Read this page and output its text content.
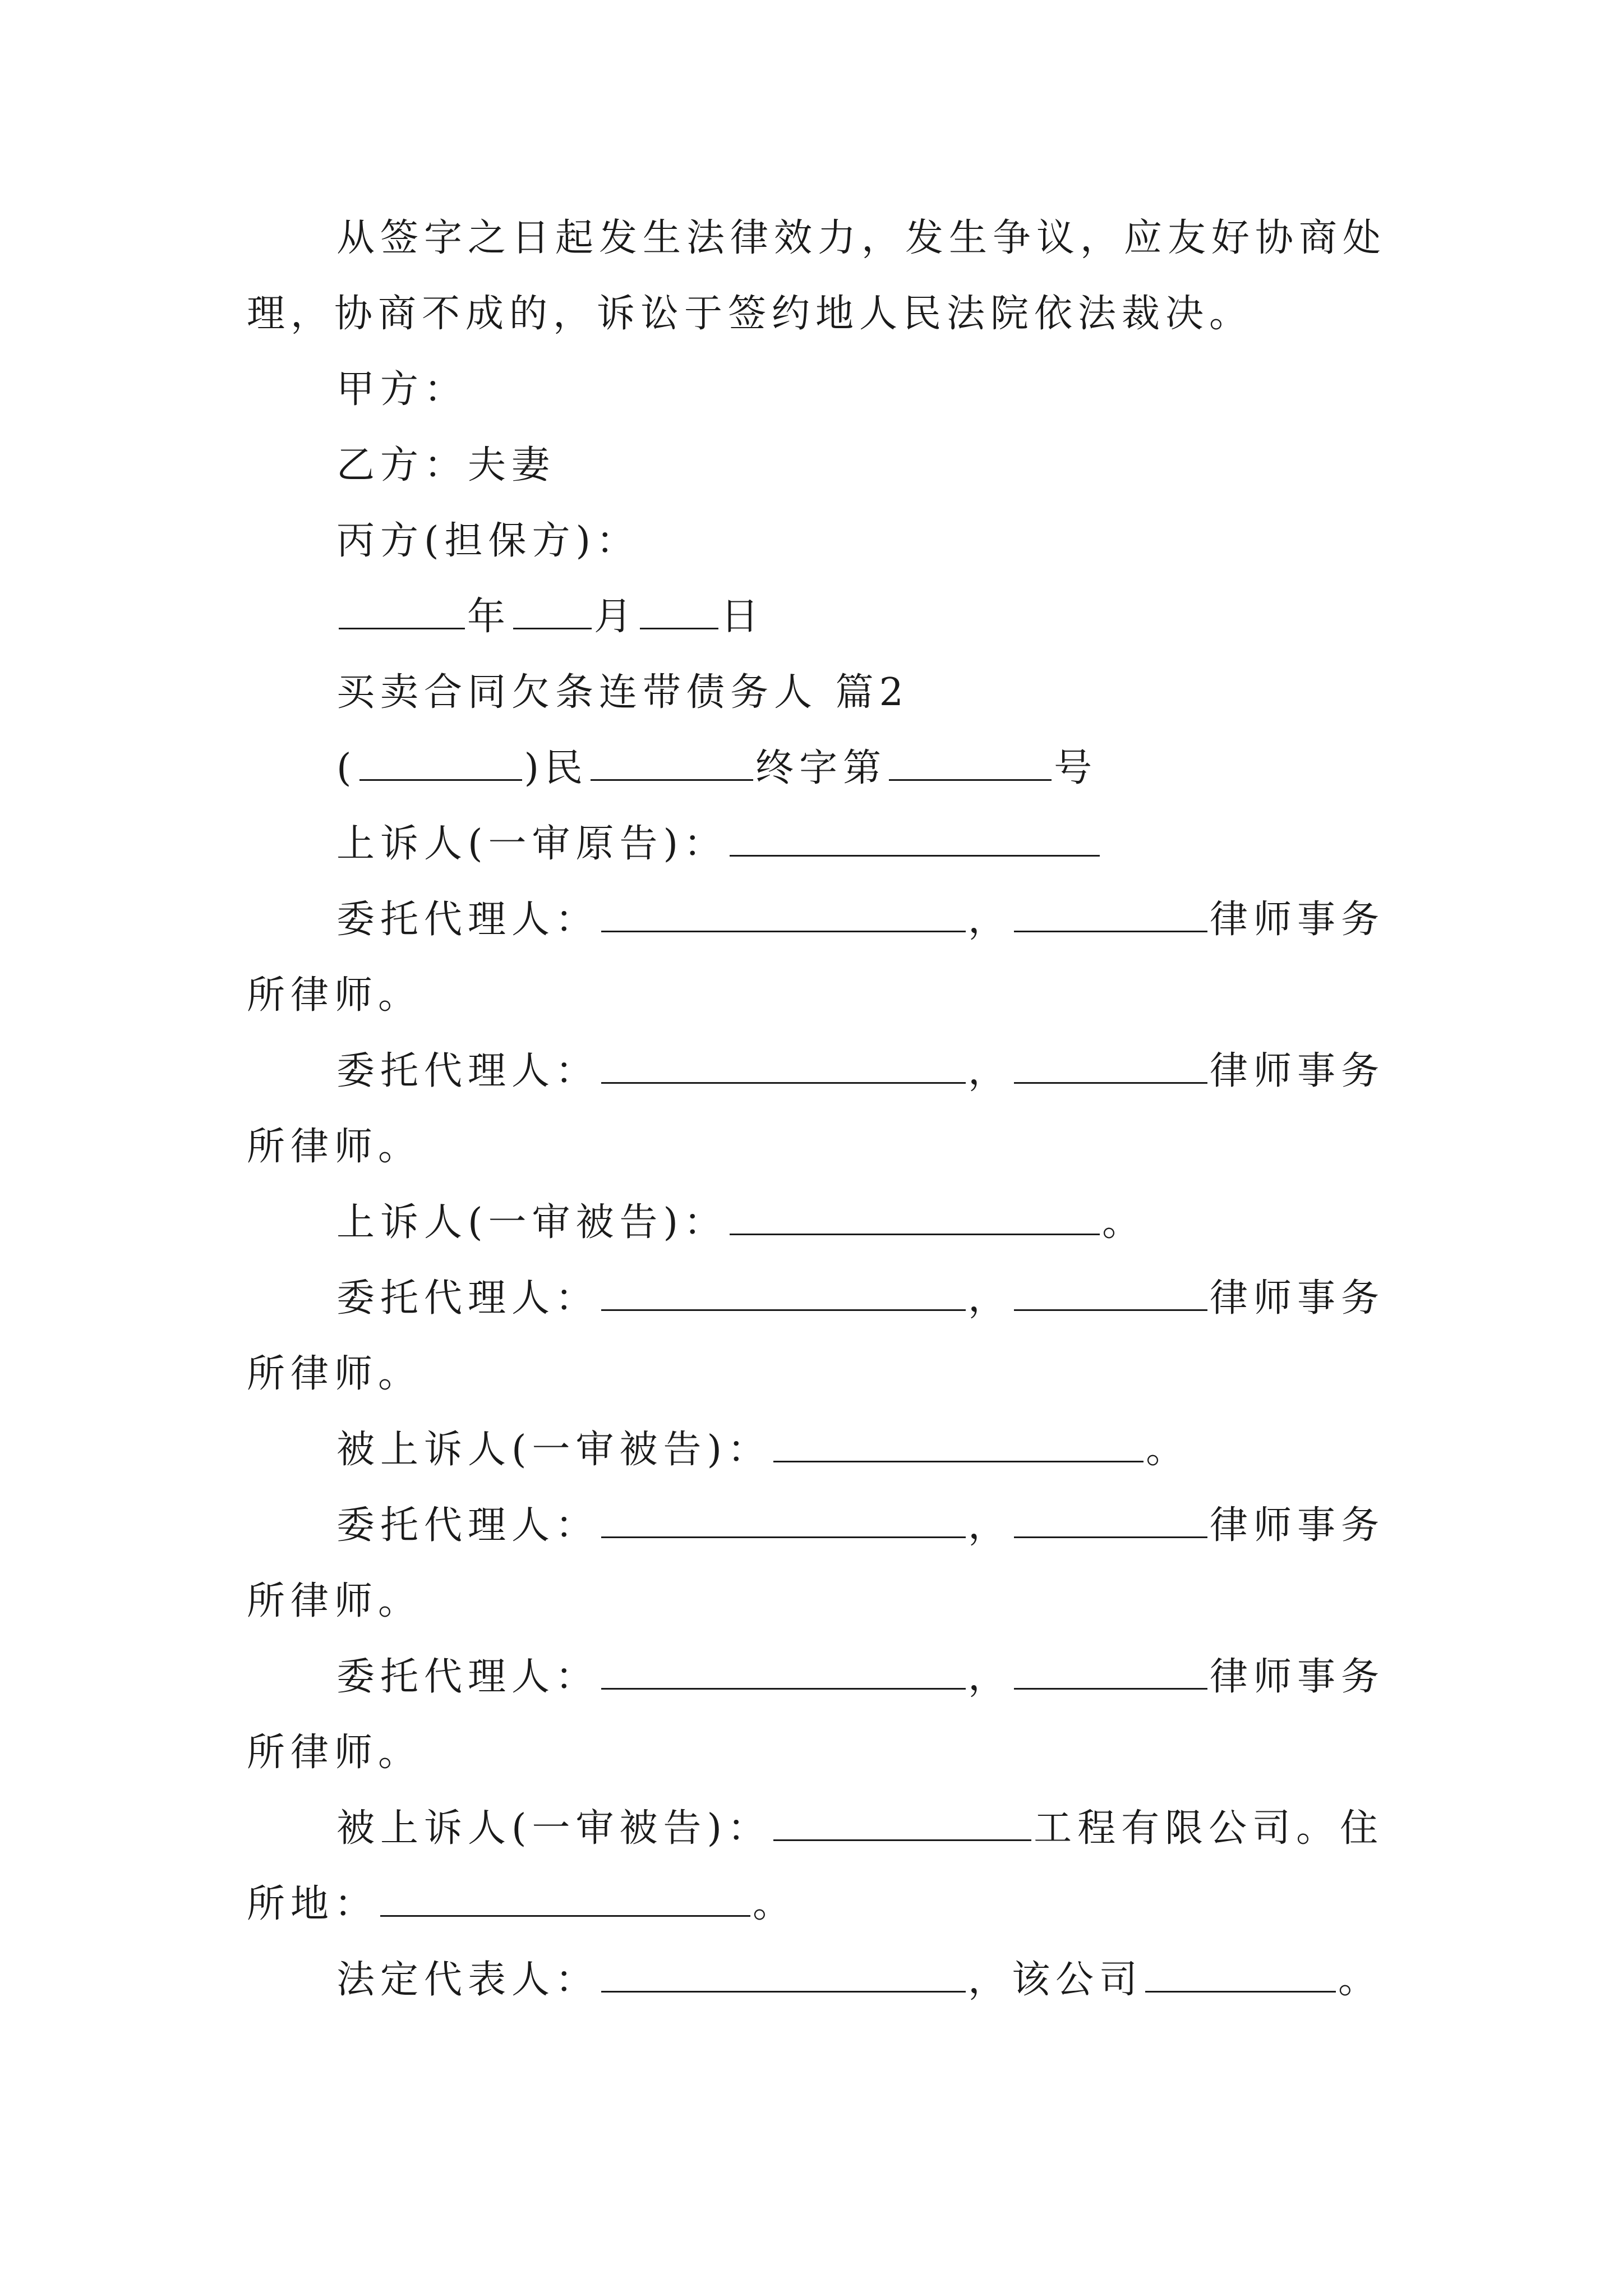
从签字之日起发生法律效力，发生争议，应友好协商处
理，协商不成的，诉讼于签约地人民法院依法裁决。
甲方：
乙方：夫妻
丙方(担保方)：
年 月 日
买卖合同欠条连带债务人 篇2
(	)民	终字第	号
上诉人(一审原告)：
委托代理人：	，	律师事务
所律师。
委托代理人：	，	律师事务
所律师。
上诉人(一审被告)：	。
委托代理人：	，	律师事务
所律师。
被上诉人(一审被告)：	。
委托代理人：	，	律师事务
所律师。
委托代理人：	，	律师事务
所律师。
被上诉人(一审被告)：	工程有限公司。住
所地：	。
法定代表人：	，该公司	。
